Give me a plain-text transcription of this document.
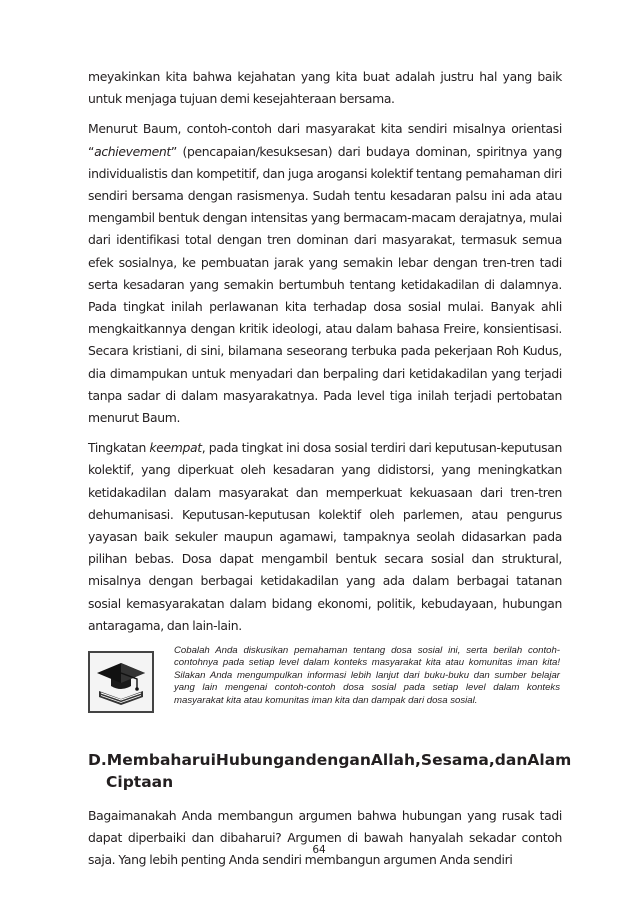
meyakinkan kita bahwa kejahatan yang kita buat adalah justru hal yang baik untuk menjaga tujuan demi kesejahteraan bersama.

Menurut Baum, contoh-contoh dari masyarakat kita sendiri misalnya orientasi “achievement” (pencapaian/kesuksesan) dari budaya dominan, spiritnya yang individualistis dan kompetitif, dan juga arogansi kolektif tentang pemahaman diri sendiri bersama dengan rasismenya. Sudah tentu kesadaran palsu ini ada atau mengambil bentuk dengan intensitas yang bermacam-macam derajatnya, mulai dari identifikasi total dengan tren dominan dari masyarakat, termasuk semua efek sosialnya, ke pembuatan jarak yang semakin lebar dengan tren-tren tadi serta kesadaran yang semakin bertumbuh tentang ketidakadilan di dalamnya. Pada tingkat inilah perlawanan kita terhadap dosa sosial mulai. Banyak ahli mengkaitkannya dengan kritik ideologi, atau dalam bahasa Freire, konsientisasi. Secara kristiani, di sini, bilamana seseorang terbuka pada pekerjaan Roh Kudus, dia dimampukan untuk menyadari dan berpaling dari ketidakadilan yang terjadi tanpa sadar di dalam masyarakatnya. Pada level tiga inilah terjadi pertobatan menurut Baum.

Tingkatan keempat, pada tingkat ini dosa sosial terdiri dari keputusan-keputusan kolektif, yang diperkuat oleh kesadaran yang didistorsi, yang meningkatkan ketidakadilan dalam masyarakat dan memperkuat kekuasaan dari tren-tren dehumanisasi. Keputusan-keputusan kolektif oleh parlemen, atau pengurus yayasan baik sekuler maupun agamawi, tampaknya seolah didasarkan pada pilihan bebas. Dosa dapat mengambil bentuk secara sosial dan struktural, misalnya dengan berbagai ketidakadilan yang ada dalam berbagai tatanan sosial kemasyarakatan dalam bidang ekonomi, politik, kebudayaan, hubungan antaragama, dan lain-lain.

Cobalah Anda diskusikan pemahaman tentang dosa sosial ini, serta berilah contoh-contohnya pada setiap level dalam konteks masyarakat kita atau komunitas iman kita! Silakan Anda mengumpulkan informasi lebih lanjut dari buku-buku dan sumber belajar yang lain mengenai contoh-contoh dosa sosial pada setiap level dalam konteks masyarakat kita atau komunitas iman kita dan dampak dari dosa sosial.
D. Membaharui Hubungan dengan Allah, Sesama, dan Alam
Ciptaan

Bagaimanakah Anda membangun argumen bahwa hubungan yang rusak tadi dapat diperbaiki dan dibaharui? Argumen di bawah hanyalah sekadar contoh saja. Yang lebih penting Anda sendiri membangun argumen Anda sendiri

64
